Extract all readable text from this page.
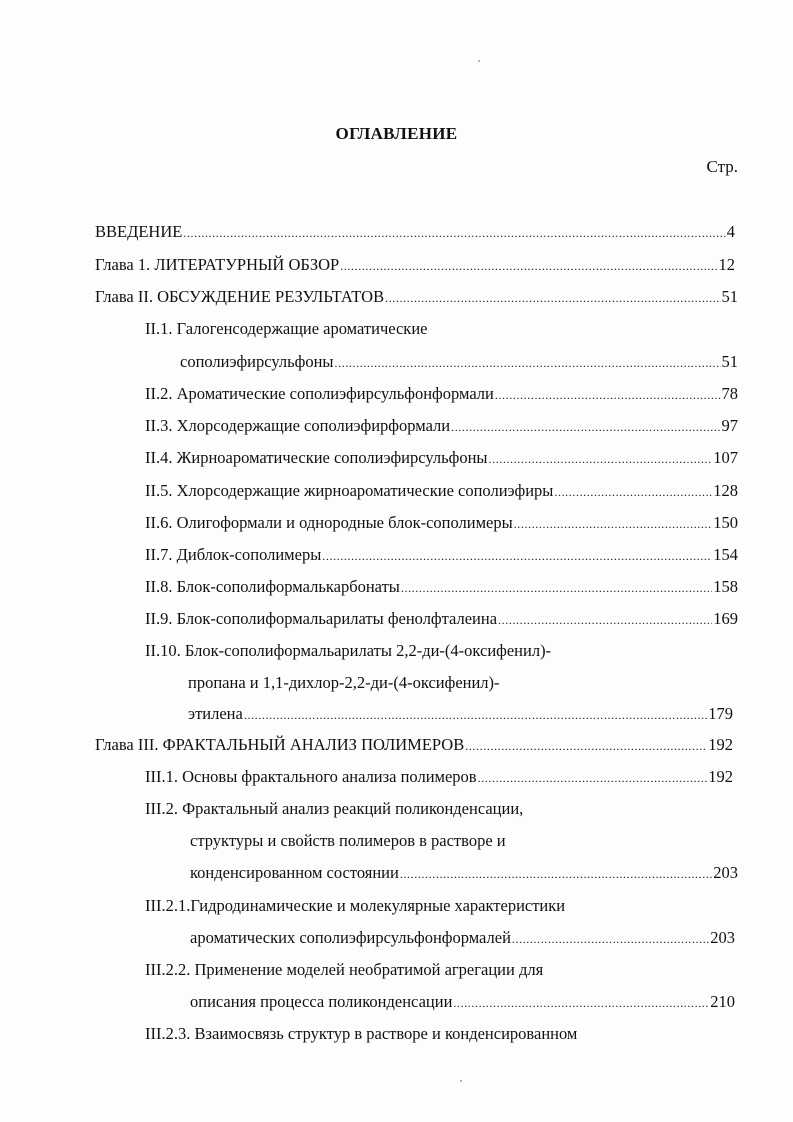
ОГЛАВЛЕНИЕ
Стр.
ВВЕДЕНИЕ .....	4
Глава 1. ЛИТЕРАТУРНЫЙ ОБЗОР .....	12
Глава II. ОБСУЖДЕНИЕ РЕЗУЛЬТАТОВ .....	51
II.1. Галогенсодержащие ароматические
сополиэфирсульфоны .....	51
II.2. Ароматические сополиэфирсульфонформали .....	78
II.3. Хлорсодержащие сополиэфирформали .....	97
II.4. Жирноароматические сополиэфирсульфоны .....	107
II.5. Хлорсодержащие жирноароматические сополиэфиры .....	128
II.6. Олигоформали и однородные блок-сополимеры .....	150
II.7. Диблок-сополимеры .....	154
II.8. Блок-сополиформалькарбонаты .....	158
II.9. Блок-сополиформальарилаты фенолфталеина .....	169
II.10. Блок-сополиформальарилаты 2,2-ди-(4-оксифенил)-
пропана и 1,1-дихлор-2,2-ди-(4-оксифенил)-
этилена .....	179
Глава III. ФРАКТАЛЬНЫЙ АНАЛИЗ ПОЛИМЕРОВ .....	192
III.1. Основы фрактального анализа полимеров .....	192
III.2. Фрактальный анализ реакций поликонденсации,
структуры и свойств полимеров в растворе и
конденсированном состоянии .....	203
III.2.1.Гидродинамические и молекулярные характеристики
ароматических сополиэфирсульфонформалей .....	203
III.2.2. Применение моделей необратимой агрегации для
описания процесса поликонденсации .....	210
III.2.3. Взаимосвязь структур в растворе и конденсированном
